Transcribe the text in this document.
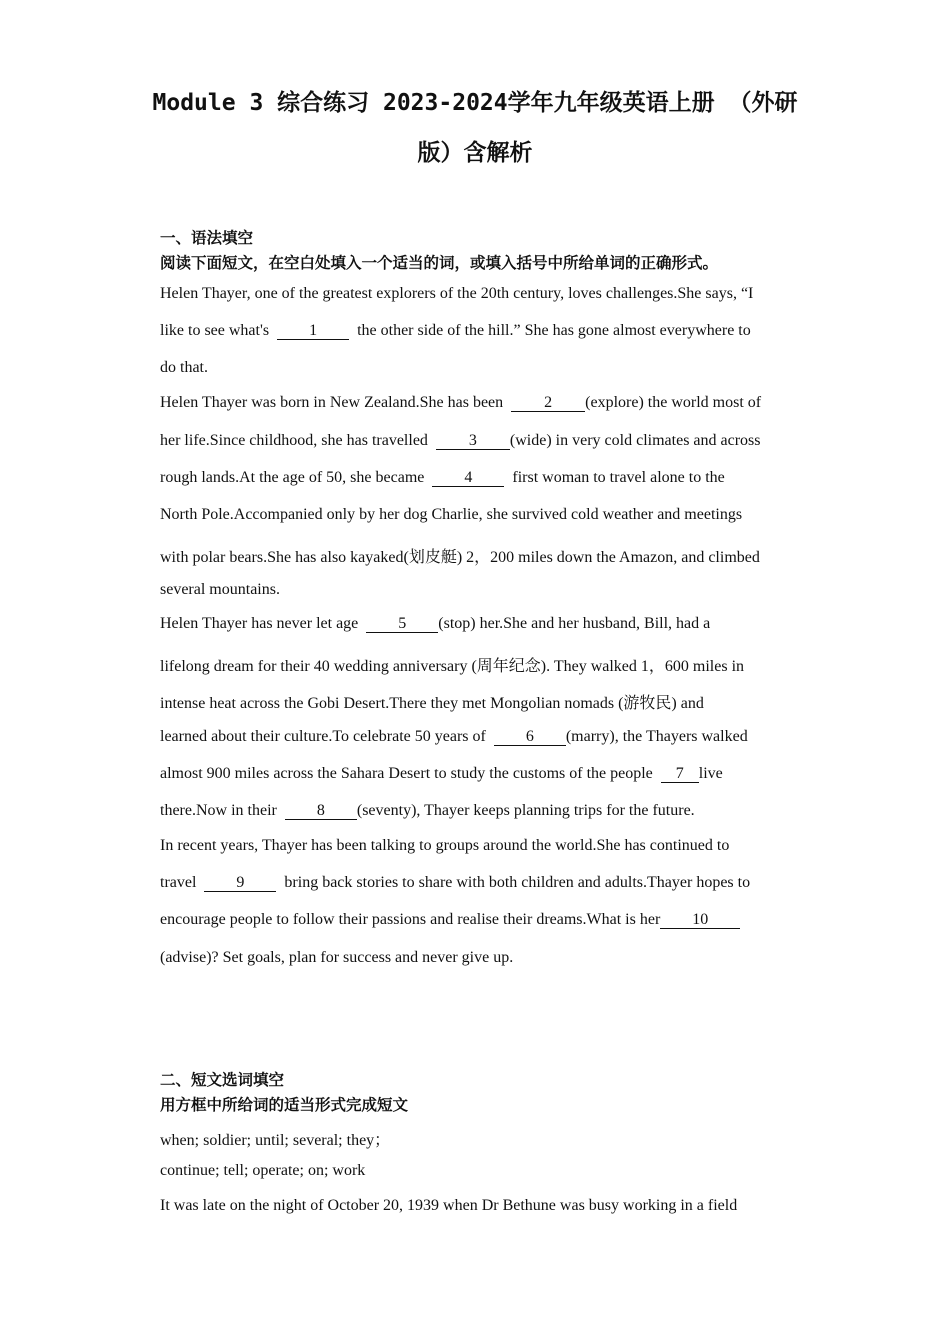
Module 3 综合练习 2023-2024学年九年级英语上册 （外研
版）含解析
一、语法填空
阅读下面短文，在空白处填入一个适当的词，或填入括号中所给单词的正确形式。
Helen Thayer, one of the greatest explorers of the 20th century, loves challenges.She says, “I
like to see what's	1	the other side of the hill.” She has gone almost everywhere to
do that.
Helen Thayer was born in New Zealand.She has been	2 (explore) the world most of
her life.Since childhood, she has travelled	3 (wide) in very cold climates and across
rough lands.At the age of 50, she became	4	first woman to travel alone to the
North Pole.Accompanied only by her dog Charlie, she survived cold weather and meetings
with polar bears.She has also kayaked(划皮艇) 2，200 miles down the Amazon, and climbed
several mountains.
Helen Thayer has never let age	5 (stop) her.She and her husband, Bill, had a
lifelong dream for their 40 wedding anniversary (周年纪念). They walked 1，600 miles in
intense heat across the Gobi Desert.There they met Mongolian nomads (游牧民) and
learned about their culture.To celebrate 50 years of	6 (marry), the Thayers walked
almost 900 miles across the Sahara Desert to study the customs of the people 7 live
there.Now in their	8 (seventy), Thayer keeps planning trips for the future.
In recent years, Thayer has been talking to groups around the world.She has continued to
travel	9	bring back stories to share with both children and adults.Thayer hopes to
encourage people to follow their passions and realise their dreams.What is her 10
(advise)? Set goals, plan for success and never give up.
二、短文选词填空
用方框中所给词的适当形式完成短文
when; soldier; until; several; they；
continue; tell; operate; on; work
It was late on the night of October 20, 1939 when Dr Bethune was busy working in a field
